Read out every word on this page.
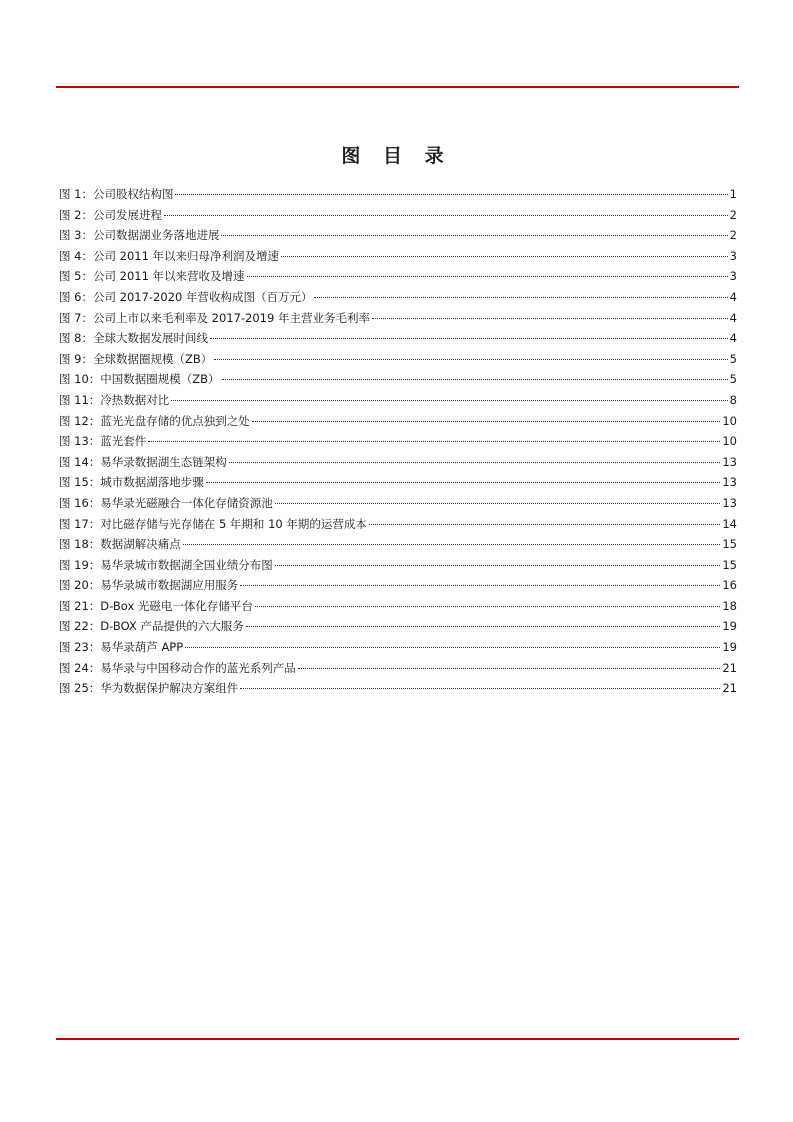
图 目 录
图 1：公司股权结构图	1
图 2：公司发展进程	2
图 3：公司数据湖业务落地进展	2
图 4：公司 2011 年以来归母净利润及增速	3
图 5：公司 2011 年以来营收及增速	3
图 6：公司 2017-2020 年营收构成图（百万元）	4
图 7：公司上市以来毛利率及 2017-2019 年主营业务毛利率	4
图 8：全球大数据发展时间线	4
图 9：全球数据圈规模（ZB）	5
图 10：中国数据圈规模（ZB）	5
图 11：冷热数据对比	8
图 12：蓝光光盘存储的优点独到之处	10
图 13：蓝光套件	10
图 14：易华录数据湖生态链架构	13
图 15：城市数据湖落地步骤	13
图 16：易华录光磁融合一体化存储资源池	13
图 17：对比磁存储与光存储在 5 年期和 10 年期的运营成本	14
图 18：数据湖解决痛点	15
图 19：易华录城市数据湖全国业绩分布图	15
图 20：易华录城市数据湖应用服务	16
图 21：D-Box 光磁电一体化存储平台	18
图 22：D-BOX 产品提供的六大服务	19
图 23：易华录葫芦 APP	19
图 24：易华录与中国移动合作的蓝光系列产品	21
图 25：华为数据保护解决方案组件	21
